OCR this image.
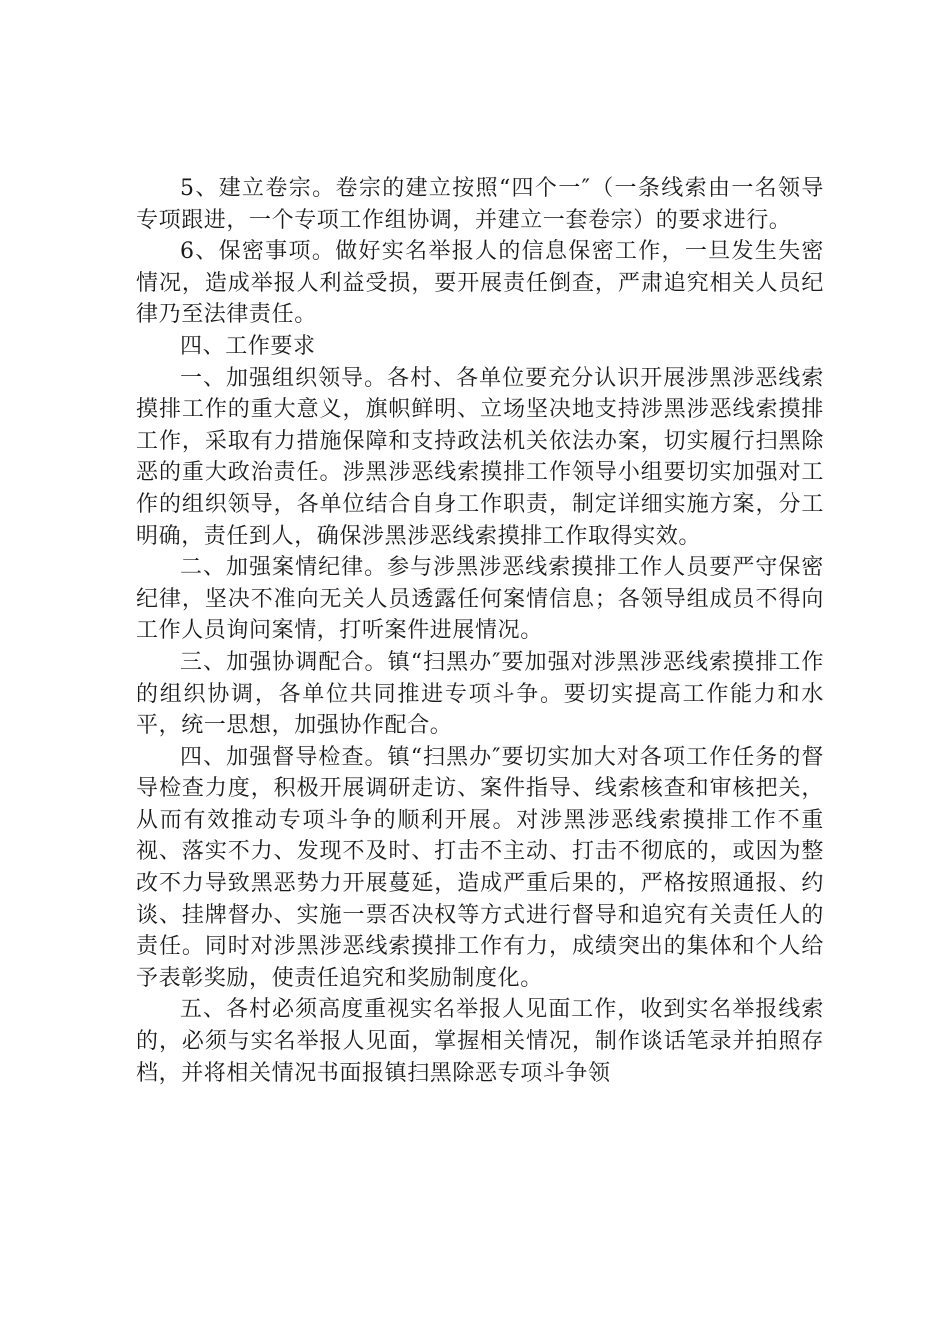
5、建立卷宗。卷宗的建立按照“四个一″（一条线索由一名领导专项跟进，一个专项工作组协调，并建立一套卷宗）的要求进行。

6、保密事项。做好实名举报人的信息保密工作，一旦发生失密情况，造成举报人利益受损，要开展责任倒查，严肃追究相关人员纪律乃至法律责任。

四、工作要求

一、加强组织领导。各村、各单位要充分认识开展涉黑涉恶线索摸排工作的重大意义，旗帜鲜明、立场坚决地支持涉黑涉恶线索摸排工作，采取有力措施保障和支持政法机关依法办案，切实履行扫黑除恶的重大政治责任。涉黑涉恶线索摸排工作领导小组要切实加强对工作的组织领导，各单位结合自身工作职责，制定详细实施方案，分工明确，责任到人，确保涉黑涉恶线索摸排工作取得实效。

二、加强案情纪律。参与涉黑涉恶线索摸排工作人员要严守保密纪律，坚决不准向无关人员透露任何案情信息；各领导组成员不得向工作人员询问案情，打听案件进展情况。

三、加强协调配合。镇“扫黑办″要加强对涉黑涉恶线索摸排工作的组织协调，各单位共同推进专项斗争。要切实提高工作能力和水平，统一思想，加强协作配合。

四、加强督导检查。镇“扫黑办″要切实加大对各项工作任务的督导检查力度，积极开展调研走访、案件指导、线索核查和审核把关，从而有效推动专项斗争的顺利开展。对涉黑涉恶线索摸排工作不重视、落实不力、发现不及时、打击不主动、打击不彻底的，或因为整改不力导致黑恶势力开展蔓延，造成严重后果的，严格按照通报、约谈、挂牌督办、实施一票否决权等方式进行督导和追究有关责任人的责任。同时对涉黑涉恶线索摸排工作有力，成绩突出的集体和个人给予表彰奖励，使责任追究和奖励制度化。

五、各村必须高度重视实名举报人见面工作，收到实名举报线索的，必须与实名举报人见面，掌握相关情况，制作谈话笔录并拍照存档，并将相关情况书面报镇扫黑除恶专项斗争领
